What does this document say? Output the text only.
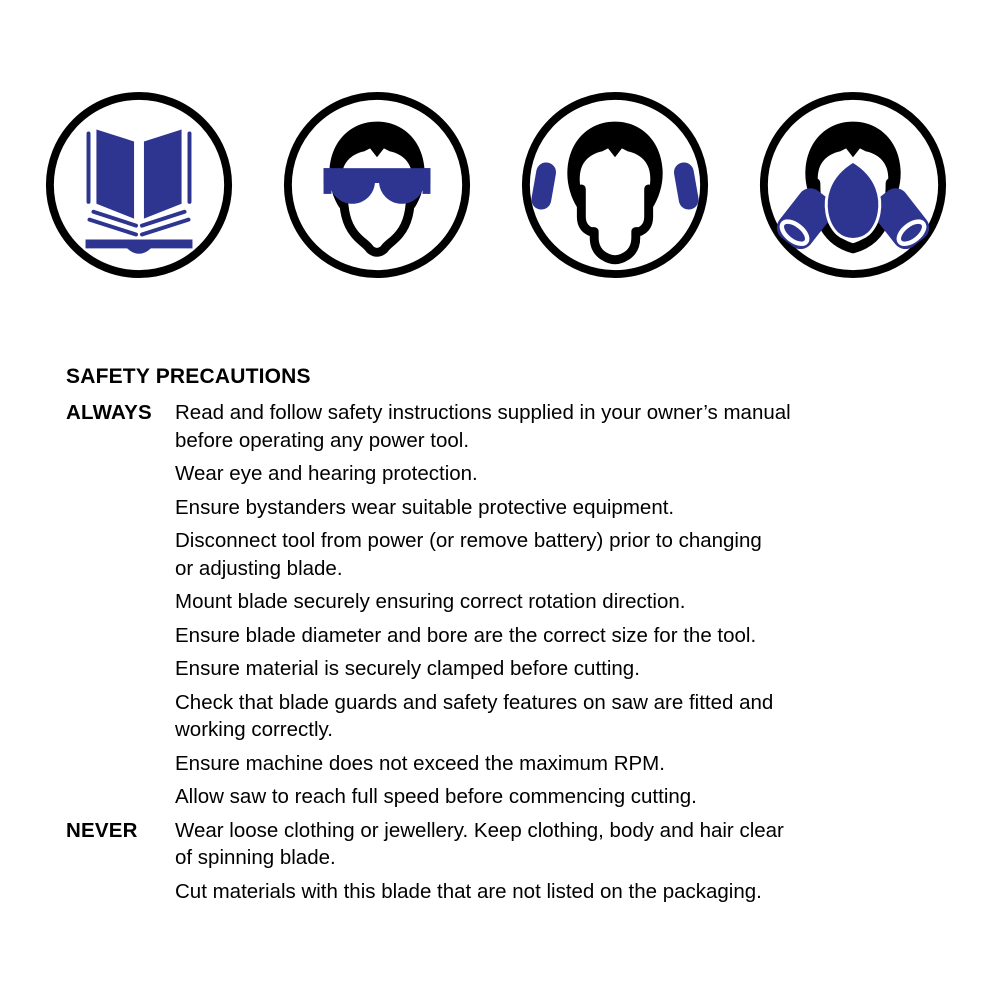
SAFETY PRECAUTIONS
ALWAYS	Read and follow safety instructions supplied in your owner’s manual
before operating any power tool.
Wear eye and hearing protection.
Ensure bystanders wear suitable protective equipment.
Disconnect tool from power (or remove battery) prior to changing
or adjusting blade.
Mount blade securely ensuring correct rotation direction.
Ensure blade diameter and bore are the correct size for the tool.
Ensure material is securely clamped before cutting.
Check that blade guards and safety features on saw are fitted and
working correctly.
Ensure machine does not exceed the maximum RPM.
Allow saw to reach full speed before commencing cutting.
NEVER	Wear loose clothing or jewellery. Keep clothing, body and hair clear
of spinning blade.
Cut materials with this blade that are not listed on the packaging.
